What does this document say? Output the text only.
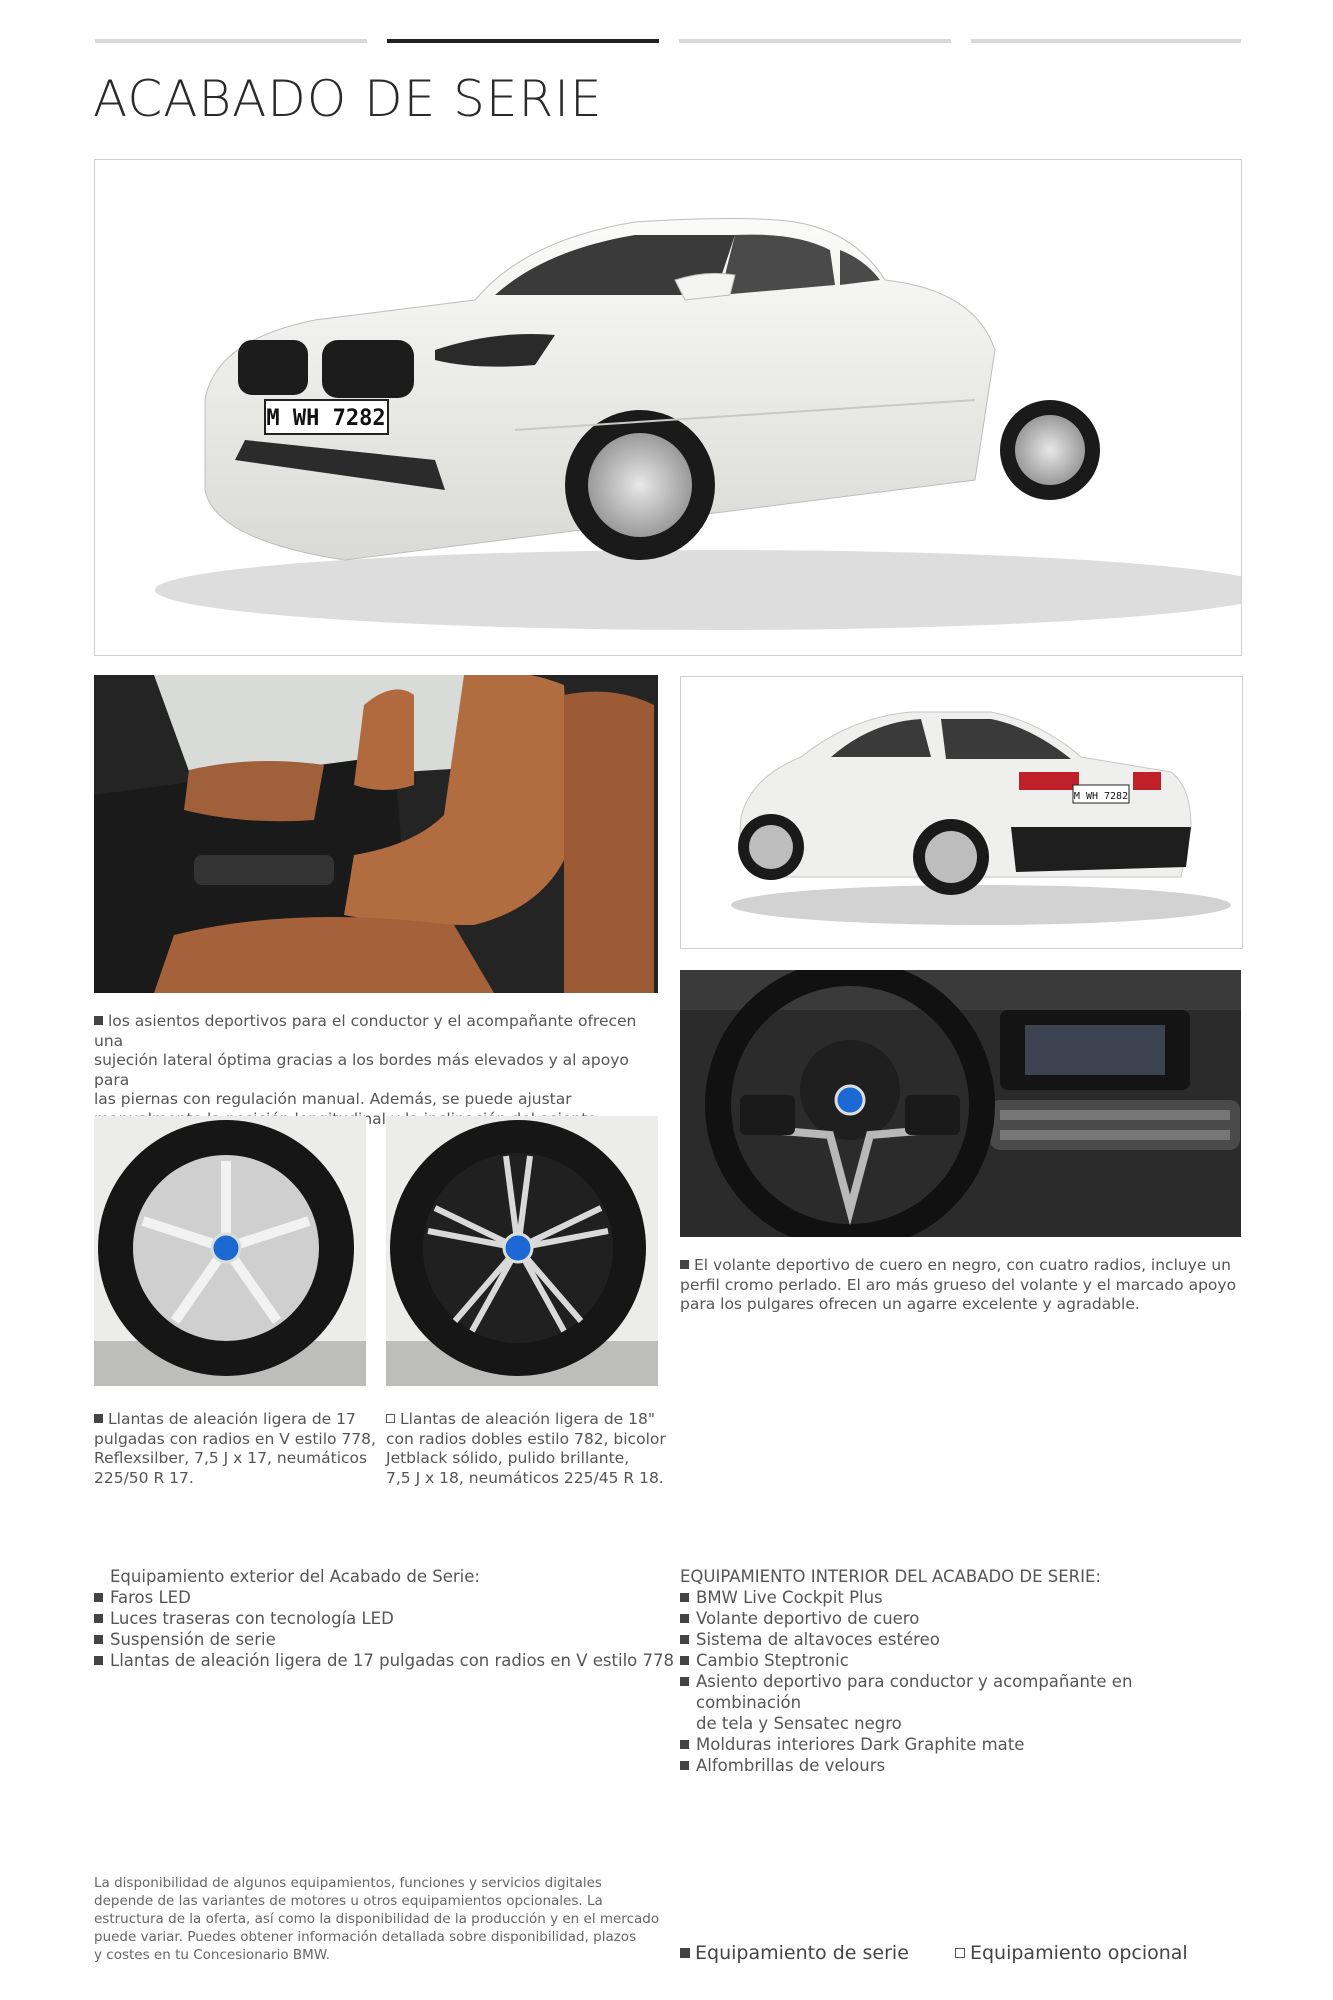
ACABADO DE SERIE
M WH 7282
M WH 7282
los asientos deportivos para el conductor y el acompañante ofrecen una
sujeción lateral óptima gracias a los bordes más elevados y al apoyo para
las piernas con regulación manual. Además, se puede ajustar
El volante deportivo de cuero en negro, con cuatro radios, incluye un
perfil cromo perlado. El aro más grueso del volante y el marcado apoyo
para los pulgares ofrecen un agarre excelente y agradable.
Llantas de aleación ligera de 17
pulgadas con radios en V estilo 778,
Reflexsilber, 7,5 J x 17, neumáticos
225/50 R 17.
Llantas de aleación ligera de 18"
con radios dobles estilo 782, bicolor
Jetblack sólido, pulido brillante,
7,5 J x 18, neumáticos 225/45 R 18.
Equipamiento exterior del Acabado de Serie:
Faros LED
Luces traseras con tecnología LED
Suspensión de serie
Llantas de aleación ligera de 17 pulgadas con radios en V estilo 778
EQUIPAMIENTO INTERIOR DEL ACABADO DE SERIE:
BMW Live Cockpit Plus
Volante deportivo de cuero
Sistema de altavoces estéreo
Cambio Steptronic
Asiento deportivo para conductor y acompañante en combinación
de tela y Sensatec negro
Molduras interiores Dark Graphite mate
Alfombrillas de velours
La disponibilidad de algunos equipamientos, funciones y servicios digitales
depende de las variantes de motores u otros equipamientos opcionales. La
estructura de la oferta, así como la disponibilidad de la producción y en el mercado
puede variar. Puedes obtener información detallada sobre disponibilidad, plazos
y costes en tu Concesionario BMW.	Equipamiento de serie	Equipamiento opcional
